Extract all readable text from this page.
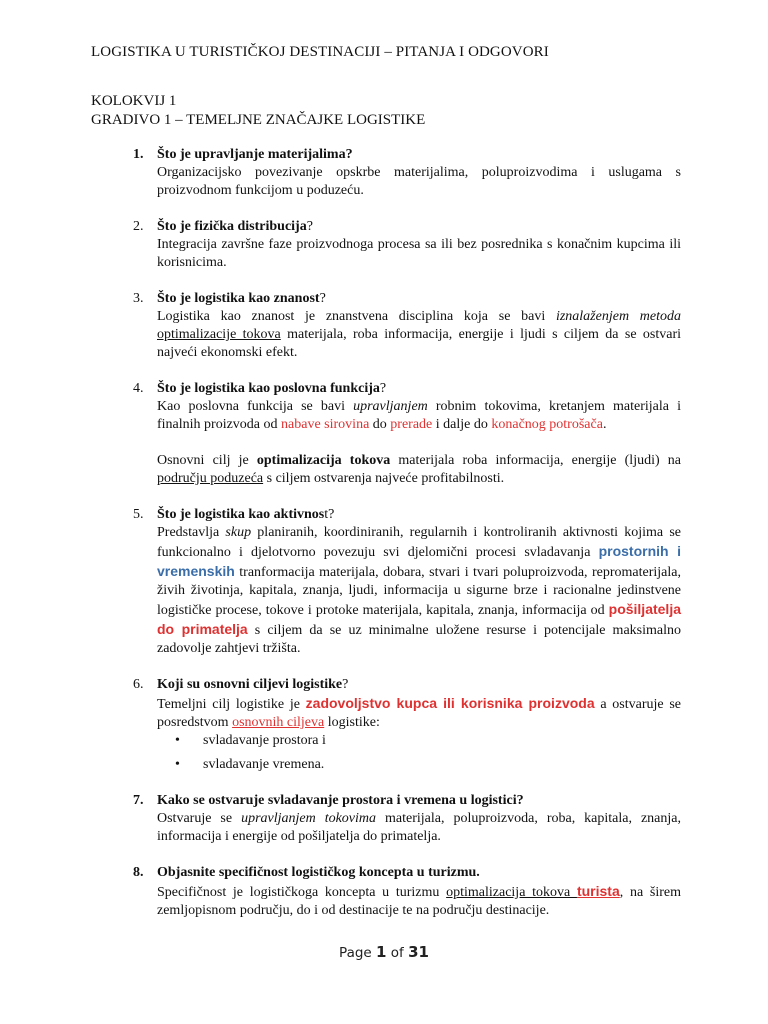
LOGISTIKA U TURISTIČKOJ DESTINACIJI – PITANJA I ODGOVORI
KOLOKVIJ 1
GRADIVO 1 – TEMELJNE ZNAČAJKE LOGISTIKE
1. Što je upravljanje materijalima?
Organizacijsko povezivanje opskrbe materijalima, poluproizvodima i uslugama s proizvodnom funkcijom u poduzeću.
2. Što je fizička distribucija?
Integracija završne faze proizvodnoga procesa sa ili bez posrednika s konačnim kupcima ili korisnicima.
3. Što je logistika kao znanost?
Logistika kao znanost je znanstvena disciplina koja se bavi iznalaženjem metoda optimalizacije tokova materijala, roba informacija, energije i ljudi s ciljem da se ostvari najveći ekonomski efekt.
4. Što je logistika kao poslovna funkcija?
Kao poslovna funkcija se bavi upravljanjem robnim tokovima, kretanjem materijala i finalnih proizvoda od nabave sirovina do prerade i dalje do konačnog potrošača.
Osnovni cilj je optimalizacija tokova materijala roba informacija, energije (ljudi) na području poduzeća s ciljem ostvarenja najveće profitabilnosti.
5. Što je logistika kao aktivnost?
Predstavlja skup planiranih, koordiniranih, regularnih i kontroliranih aktivnosti kojima se funkcionalno i djelotvorno povezuju svi djelomični procesi svladavanja prostornih i vremenskih tranformacija materijala, dobara, stvari i tvari poluproizvoda, repromaterijala, živih životinja, kapitala, znanja, ljudi, informacija u sigurne brze i racionalne jedinstvene logističke procese, tokove i protoke materijala, kapitala, znanja, informacija od pošiljatelja do primatelja s ciljem da se uz minimalne uložene resurse i potencijale maksimalno zadovolje zahtjevi tržišta.
6. Koji su osnovni ciljevi logistike?
Temeljni cilj logistike je zadovoljstvo kupca ili korisnika proizvoda a ostvaruje se posredstvom osnovnih ciljeva logistike:
• svladavanje prostora i
• svladavanje vremena.
7. Kako se ostvaruje svladavanje prostora i vremena u logistici?
Ostvaruje se upravljanjem tokovima materijala, poluproizvoda, roba, kapitala, znanja, informacija i energije od pošiljatelja do primatelja.
8. Objasnite specifičnost logističkog koncepta u turizmu.
Specifičnost je logističkoga koncepta u turizmu optimalizacija tokova turista, na širem zemljopisnom području, do i od destinacije te na području destinacije.
Page 1 of 31
